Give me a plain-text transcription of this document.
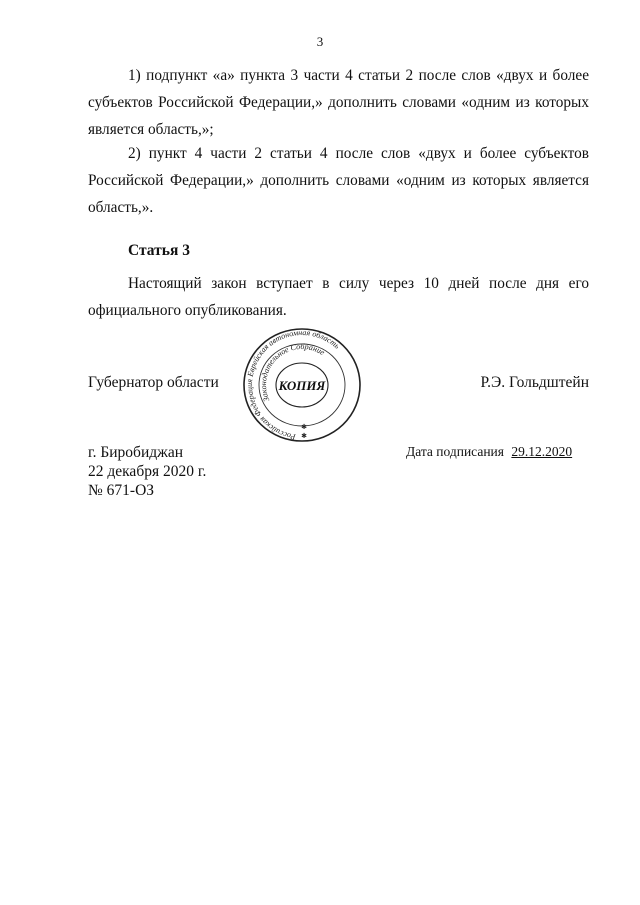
3

1) подпункт «а» пункта 3 части 4 статьи 2 после слов «двух и более субъектов Российской Федерации,» дополнить словами «одним из которых является область,»;

2) пункт 4 части 2 статьи 4 после слов «двух и более субъектов Российской Федерации,» дополнить словами «одним из которых является область,».

Статья 3

Настоящий закон вступает в силу через 10 дней после дня его официального опубликования.

Губернатор области	Р.Э. Гольдштейн
Российская Федерация Еврейская автономная область
Законодательное Собрание
КОПИЯ
✱
✱
г. Биробиджан
22 декабря 2020 г.
№ 671-ОЗ
Дата подписания 29.12.2020
